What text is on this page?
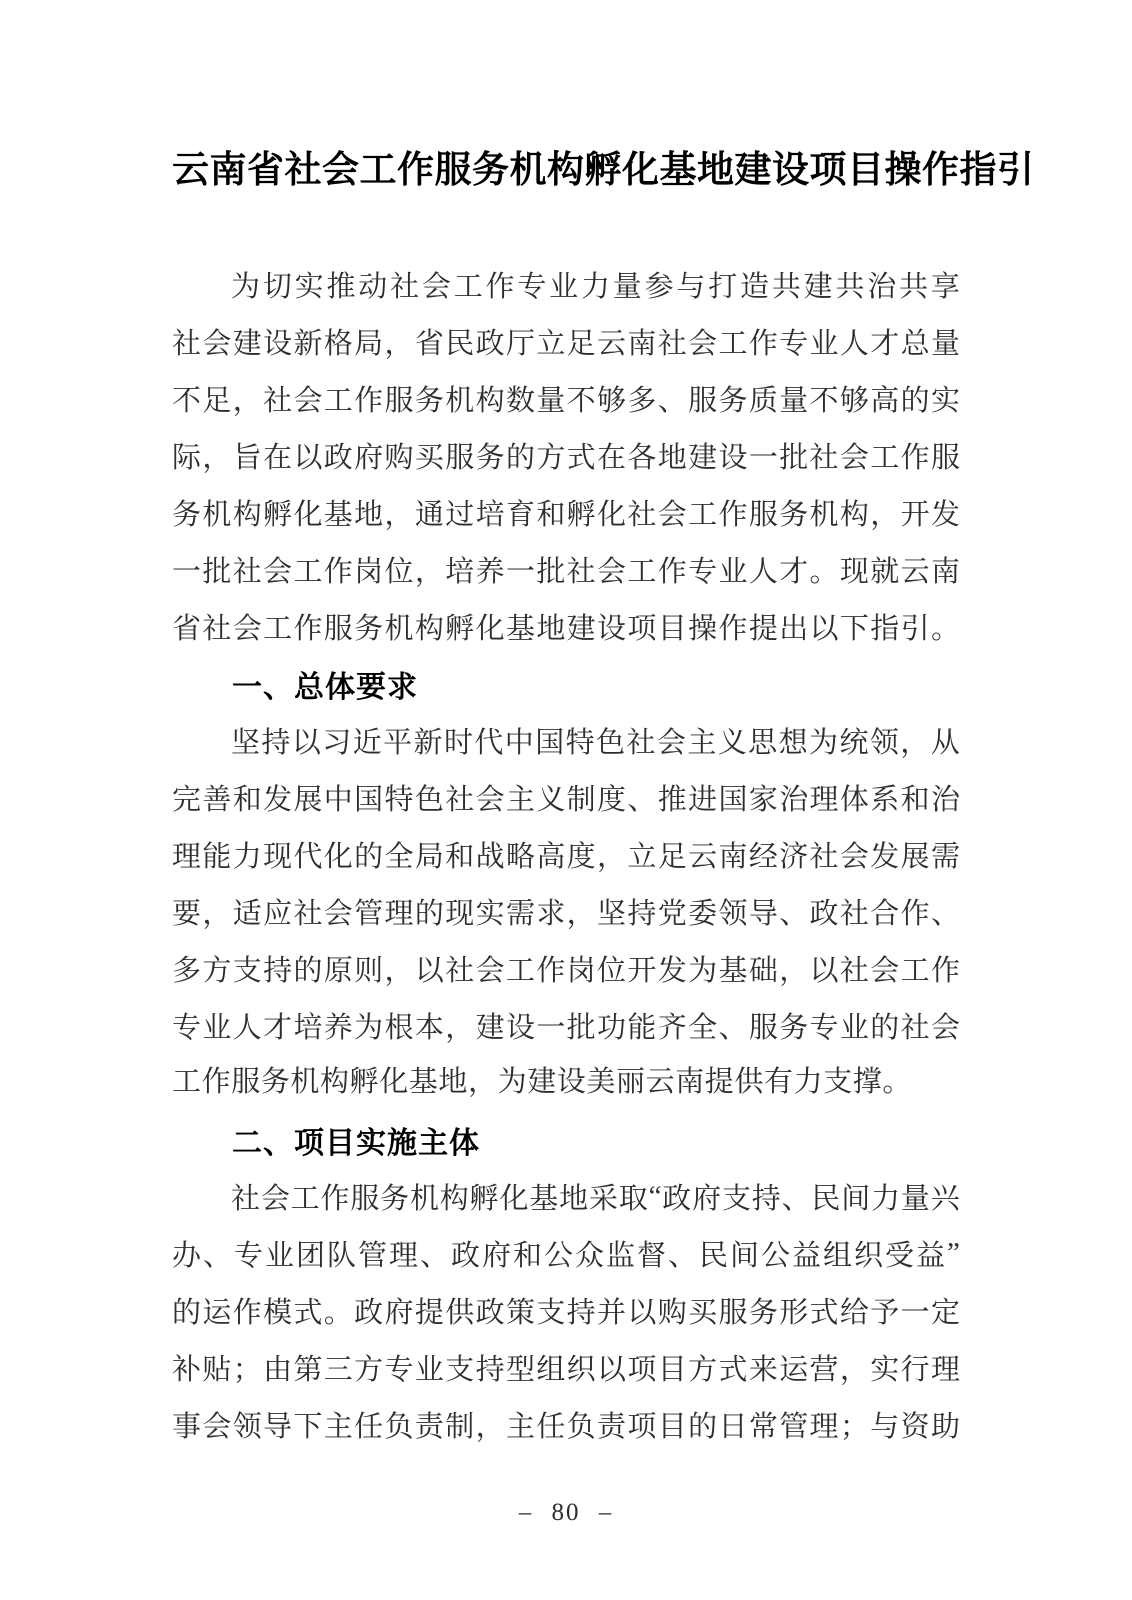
云南省社会工作服务机构孵化基地建设项目操作指引
为 切 实 推 动 社 会 工 作 专 业 力 量 参 与 打 造 共 建 共 治 共 享
社 会 建 设 新 格 局 ， 省 民 政 厅 立 足 云 南 社 会 工 作 专 业 人 才 总 量
不 足 ， 社 会 工 作 服 务 机 构 数 量 不 够 多 、 服 务 质 量 不 够 高 的 实
际 ， 旨 在 以 政 府 购 买 服 务 的 方 式 在 各 地 建 设 一 批 社 会 工 作 服
务 机 构 孵 化 基 地 ， 通 过 培 育 和 孵 化 社 会 工 作 服 务 机 构 ， 开 发
一 批 社 会 工 作 岗 位 ， 培 养 一 批 社 会 工 作 专 业 人 才 。 现 就 云 南
省 社 会 工 作 服 务 机 构 孵 化 基 地 建 设 项 目 操 作 提 出 以 下 指 引 。
一、总体要求
坚 持 以 习 近 平 新 时 代 中 国 特 色 社 会 主 义 思 想 为 统 领 ， 从
完 善 和 发 展 中 国 特 色 社 会 主 义 制 度 、 推 进 国 家 治 理 体 系 和 治
理 能 力 现 代 化 的 全 局 和 战 略 高 度 ， 立 足 云 南 经 济 社 会 发 展 需
要 ， 适 应 社 会 管 理 的 现 实 需 求 ， 坚 持 党 委 领 导 、 政 社 合 作 、
多 方 支 持 的 原 则 ， 以 社 会 工 作 岗 位 开 发 为 基 础 ， 以 社 会 工 作
专 业 人 才 培 养 为 根 本 ， 建 设 一 批 功 能 齐 全 、 服 务 专 业 的 社 会
工作服务机构孵化基地，为建设美丽云南提供有力支撑。
二、项目实施主体
社 会 工 作 服 务 机 构 孵 化 基 地 采 取 “ 政 府 支 持 、 民 间 力 量 兴
办 、 专 业 团 队 管 理 、 政 府 和 公 众 监 督 、 民 间 公 益 组 织 受 益 ”
的 运 作 模 式 。 政 府 提 供 政 策 支 持 并 以 购 买 服 务 形 式 给 予 一 定
补 贴 ； 由 第 三 方 专 业 支 持 型 组 织 以 项 目 方 式 来 运 营 ， 实 行 理
事 会 领 导 下 主 任 负 责 制 ， 主 任 负 责 项 目 的 日 常 管 理 ； 与 资 助
– 80 –
